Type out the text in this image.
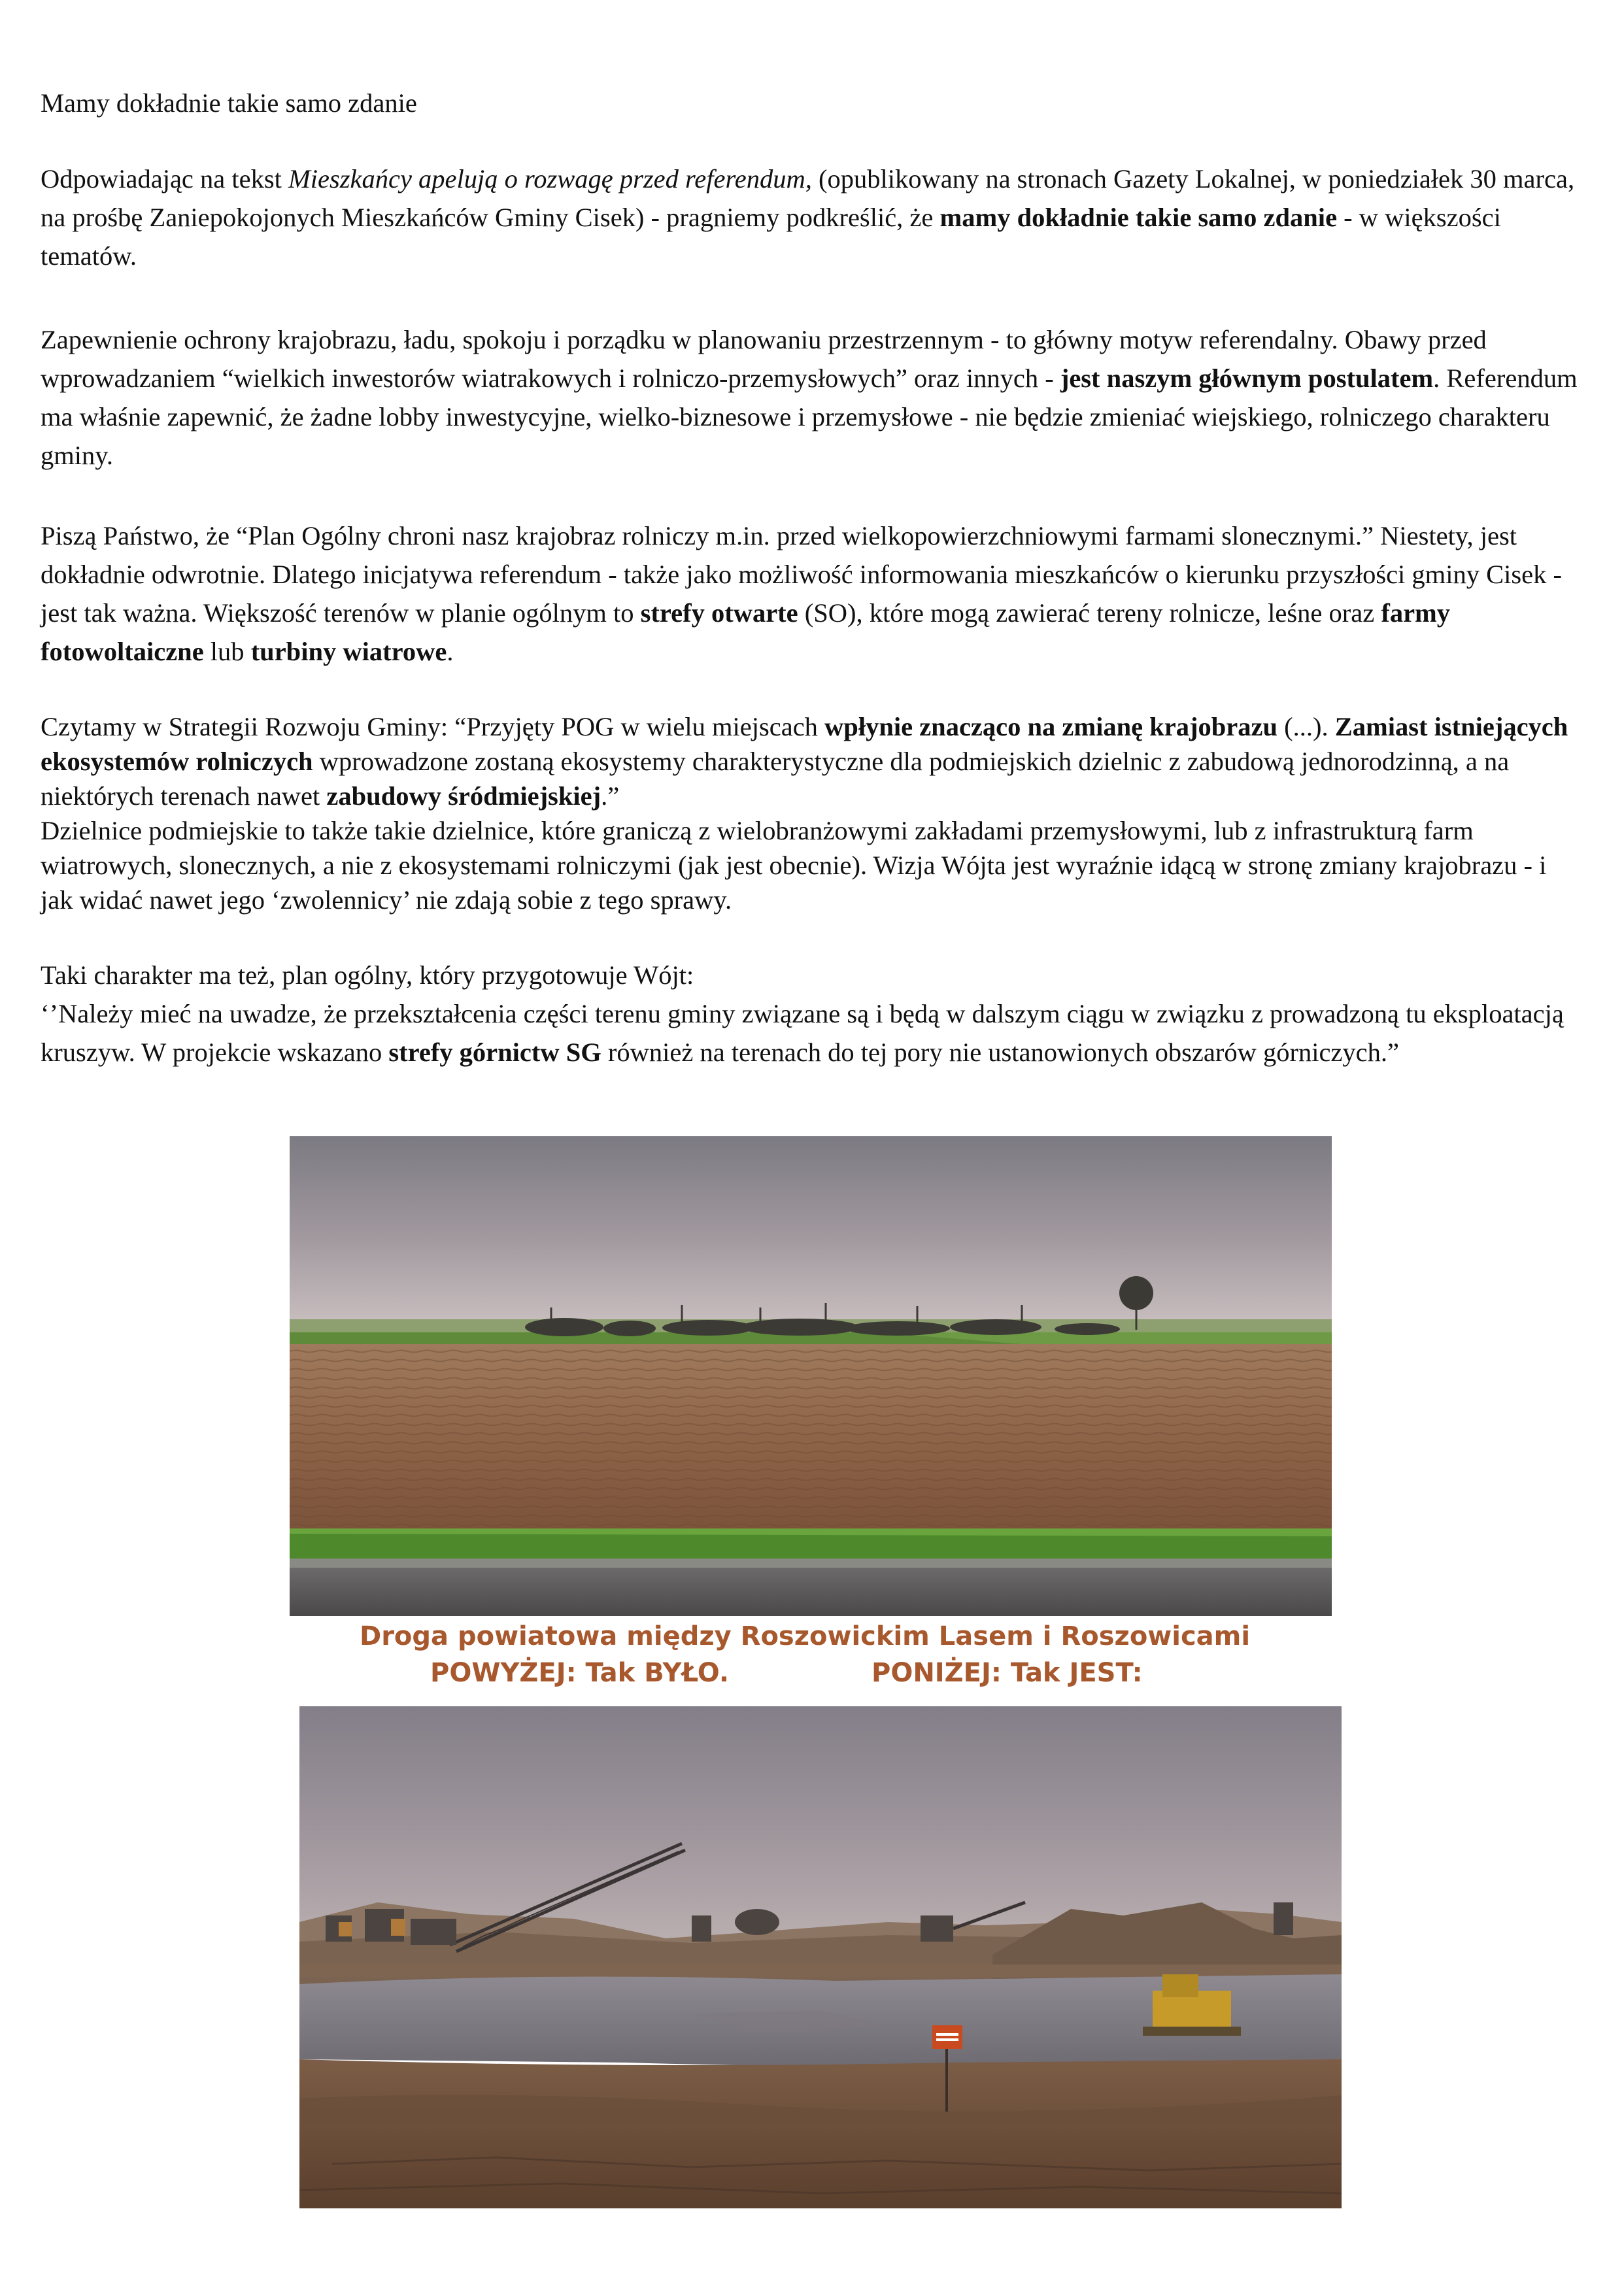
Mamy dokładnie takie samo zdanie

Odpowiadając na tekst Mieszkańcy apelują o rozwagę przed referendum, (opublikowany na stronach Gazety Lokalnej, w poniedziałek 30 marca, na prośbę Zaniepokojonych Mieszkańców Gminy Cisek) - pragniemy podkreślić, że mamy dokładnie takie samo zdanie - w większości tematów.

Zapewnienie ochrony krajobrazu, ładu, spokoju i porządku w planowaniu przestrzennym - to główny motyw referendalny. Obawy przed wprowadzaniem “wielkich inwestorów wiatrakowych i rolniczo-przemysłowych” oraz innych - jest naszym głównym postulatem. Referendum ma właśnie zapewnić, że żadne lobby inwestycyjne, wielko-biznesowe i przemysłowe - nie będzie zmieniać wiejskiego, rolniczego charakteru gminy.

Piszą Państwo, że “Plan Ogólny chroni nasz krajobraz rolniczy m.in. przed wielkopowierzchniowymi farmami slonecznymi.” Niestety, jest dokładnie odwrotnie. Dlatego inicjatywa referendum - także jako możliwość informowania mieszkańców o kierunku przyszłości gminy Cisek - jest tak ważna. Większość terenów w planie ogólnym to strefy otwarte (SO), które mogą zawierać tereny rolnicze, leśne oraz farmy fotowoltaiczne lub turbiny wiatrowe.

Czytamy w Strategii Rozwoju Gminy: “Przyjęty POG w wielu miejscach wpłynie znacząco na zmianę krajobrazu (...). Zamiast istniejących ekosystemów rolniczych wprowadzone zostaną ekosystemy charakterystyczne dla podmiejskich dzielnic z zabudową jednorodzinną, a na niektórych terenach nawet zabudowy śródmiejskiej.”

Dzielnice podmiejskie to także takie dzielnice, które graniczą z wielobranżowymi zakładami przemysłowymi, lub z infrastrukturą farm wiatrowych, slonecznych, a nie z ekosystemami rolniczymi (jak jest obecnie). Wizja Wójta jest wyraźnie idącą w stronę zmiany krajobrazu - i jak widać nawet jego ‘zwolennicy’ nie zdają sobie z tego sprawy.

Taki charakter ma też, plan ogólny, który przygotowuje Wójt:

‘’Należy mieć na uwadze, że przekształcenia części terenu gminy związane są i będą w dalszym ciągu w związku z prowadzoną tu eksploatacją kruszyw. W projekcie wskazano strefy górnictw SG również na terenach do tej pory nie ustanowionych obszarów górniczych.”

Droga powiatowa między Roszowickim Lasem i Roszowicami
POWYŻEJ: Tak BYŁO.	PONIŻEJ: Tak JEST:
